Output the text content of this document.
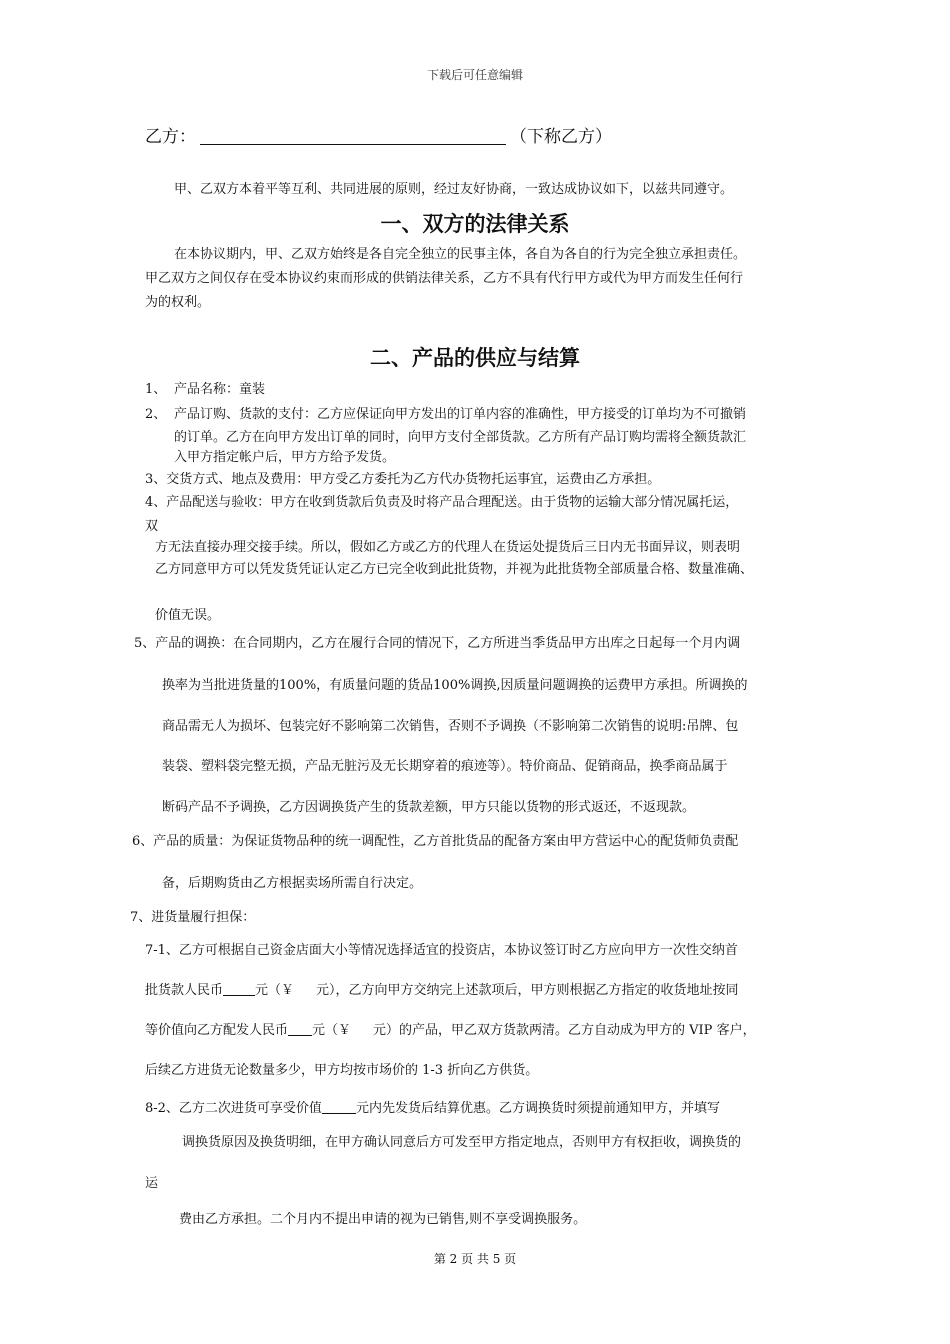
下载后可任意编辑
乙方：	（下称乙方）
甲、乙双方本着平等互利、共同进展的原则，经过友好协商，一致达成协议如下，以兹共同遵守。
一、双方的法律关系
在本协议期内，甲、乙双方始终是各自完全独立的民事主体，各自为各自的行为完全独立承担责任。
甲乙双方之间仅存在受本协议约束而形成的供销法律关系，乙方不具有代行甲方或代为甲方而发生任何行
为的权利。
二、产品的供应与结算
1、 产品名称：童装
2、 产品订购、货款的支付：乙方应保证向甲方发出的订单内容的准确性，甲方接受的订单均为不可撤销
的订单。乙方在向甲方发出订单的同时，向甲方支付全部货款。乙方所有产品订购均需将全额货款汇
入甲方指定帐户后，甲方方给予发货。
3、交货方式、地点及费用：甲方受乙方委托为乙方代办货物托运事宜，运费由乙方承担。
4、产品配送与验收：甲方在收到货款后负责及时将产品合理配送。由于货物的运输大部分情况属托运，
双
方无法直接办理交接手续。所以，假如乙方或乙方的代理人在货运处提货后三日内无书面异议，则表明
乙方同意甲方可以凭发货凭证认定乙方已完全收到此批货物，并视为此批货物全部质量合格、数量准确、
价值无误。
5、产品的调换：在合同期内，乙方在履行合同的情况下，乙方所进当季货品甲方出库之日起每一个月内调
换率为当批进货量的100%，有质量问题的货品100%调换,因质量问题调换的运费甲方承担。所调换的
商品需无人为损坏、包装完好不影响第二次销售，否则不予调换（不影响第二次销售的说明:吊牌、包
装袋、塑料袋完整无损，产品无脏污及无长期穿着的痕迹等）。特价商品、促销商品，换季商品属于
断码产品不予调换，乙方因调换货产生的货款差额，甲方只能以货物的形式返还，不返现款。
6、产品的质量：为保证货物品种的统一调配性，乙方首批货品的配备方案由甲方营运中心的配货师负责配
备，后期购货由乙方根据卖场所需自行决定。
7、进货量履行担保：
7-1、乙方可根据自己资金店面大小等情况选择适宜的投资店，本协议签订时乙方应向甲方一次性交纳首
批货款人民币 元（￥ 元），乙方向甲方交纳完上述款项后，甲方则根据乙方指定的收货地址按同
等价值向乙方配发人民币 元（￥ 元）的产品，甲乙双方货款两清。乙方自动成为甲方的 VIP 客户，
后续乙方进货无论数量多少，甲方均按市场价的 1-3 折向乙方供货。
8-2、乙方二次进货可享受价值	元内先发货后结算优惠。乙方调换货时须提前通知甲方，并填写
调换货原因及换货明细，在甲方确认同意后方可发至甲方指定地点，否则甲方有权拒收，调换货的
运
费由乙方承担。二个月内不提出申请的视为已销售,则不享受调换服务。
第 2 页 共 5 页
